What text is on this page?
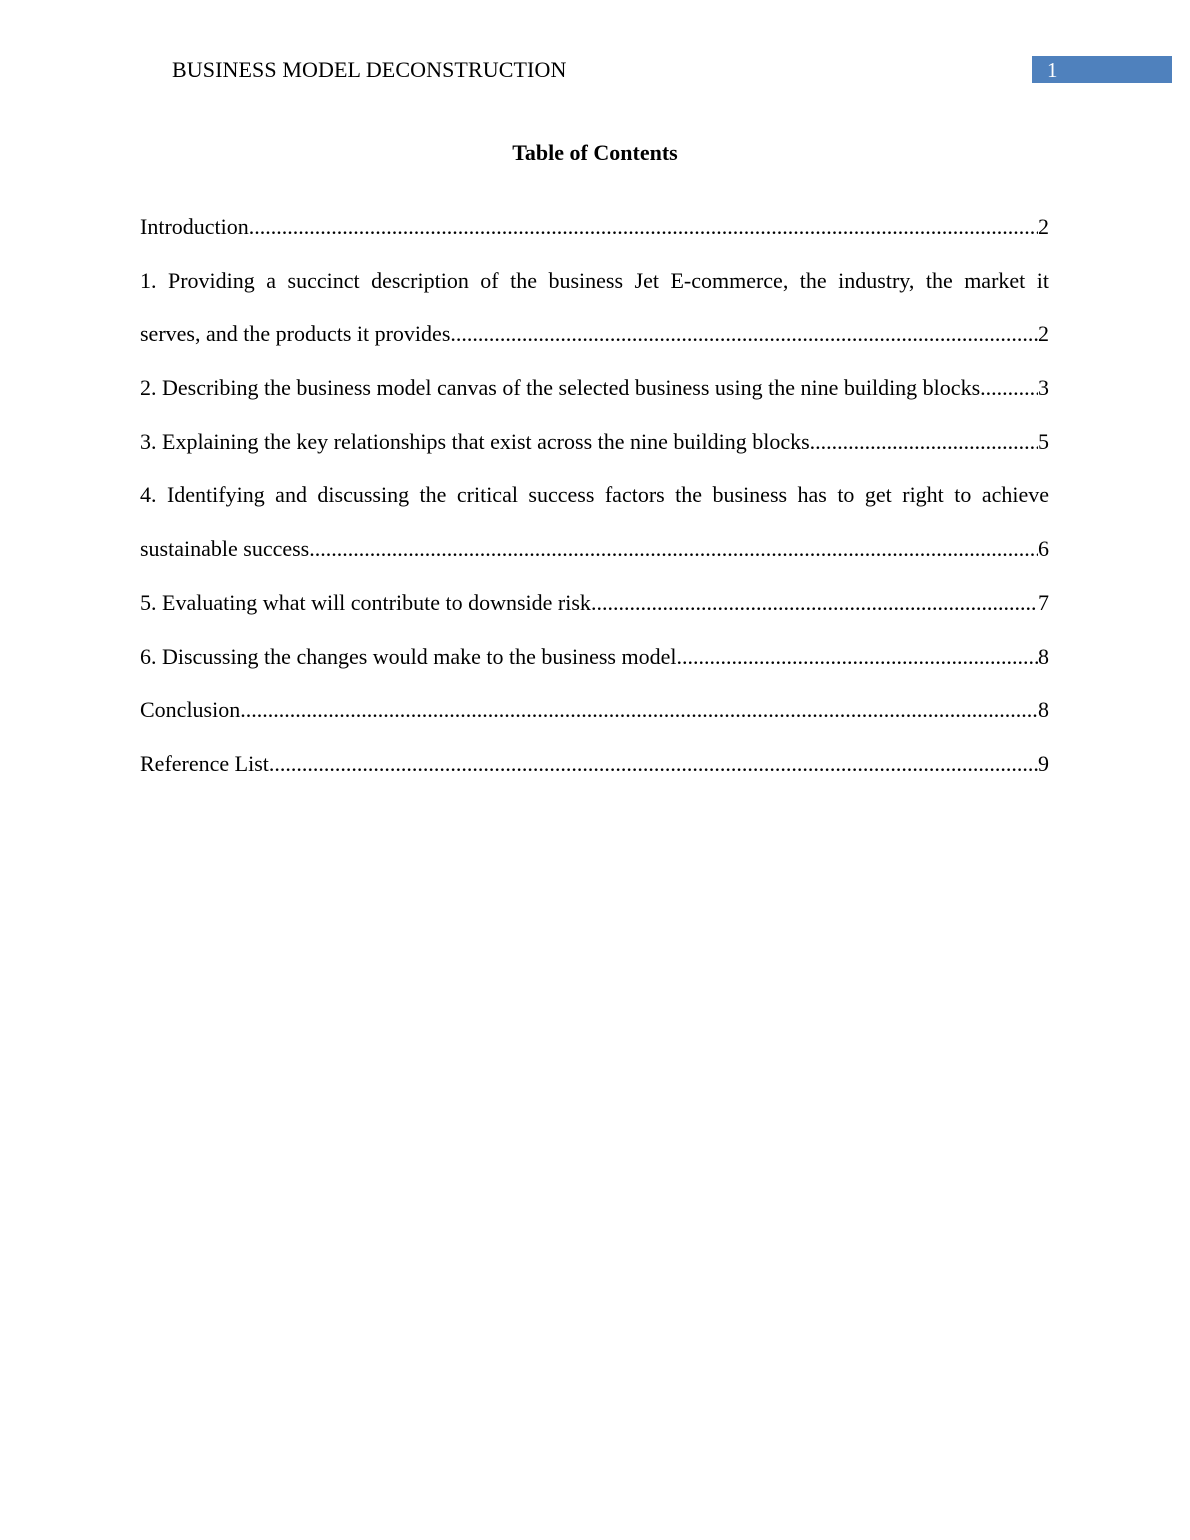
BUSINESS MODEL DECONSTRUCTION	1
Table of Contents
Introduction .....	2
1. Providing a succinct description of the business Jet E-commerce, the industry, the market it
serves, and the products it provides .....	2
2. Describing the business model canvas of the selected business using the nine building blocks .....	3
3. Explaining the key relationships that exist across the nine building blocks .....	5
4. Identifying and discussing the critical success factors the business has to get right to achieve
sustainable success .....	6
5. Evaluating what will contribute to downside risk .....	7
6. Discussing the changes would make to the business model .....	8
Conclusion .....	8
Reference List .....	9
